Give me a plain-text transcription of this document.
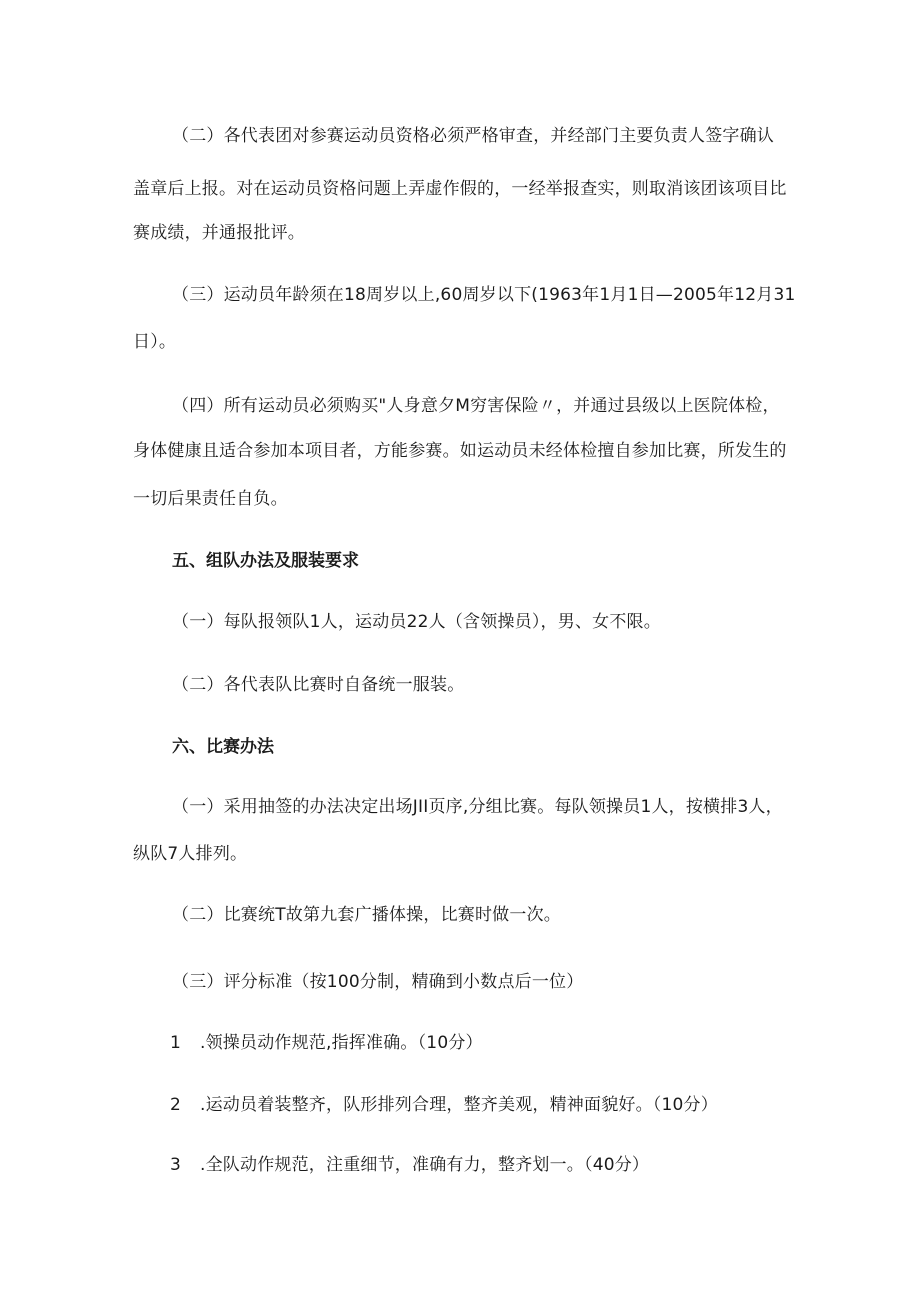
（二）各代表团对参赛运动员资格必须严格审查，并经部门主要负责人签字确认
盖章后上报。对在运动员资格问题上弄虚作假的，一经举报查实，则取消该团该项目比
赛成绩，并通报批评。
（三）运动员年龄须在18周岁以上,60周岁以下(1963年1月1日—2005年12月31
日）。
（四）所有运动员必须购买"人身意夕M穷害保险〃，并通过县级以上医院体检，
身体健康且适合参加本项目者，方能参赛。如运动员未经体检擅自参加比赛，所发生的
一切后果责任自负。
五、组队办法及服装要求
（一）每队报领队1人，运动员22人（含领操员），男、女不限。
（二）各代表队比赛时自备统一服装。
六、比赛办法
（一）采用抽签的办法决定出场JII页序,分组比赛。每队领操员1人，按横排3人，
纵队7人排列。
（二）比赛统T故第九套广播体操，比赛时做一次。
（三）评分标准（按100分制，精确到小数点后一位）
1 .领操员动作规范,指挥准确。（10分）
2 .运动员着装整齐，队形排列合理，整齐美观，精神面貌好。（10分）
3 .全队动作规范，注重细节，准确有力，整齐划一。（40分）
